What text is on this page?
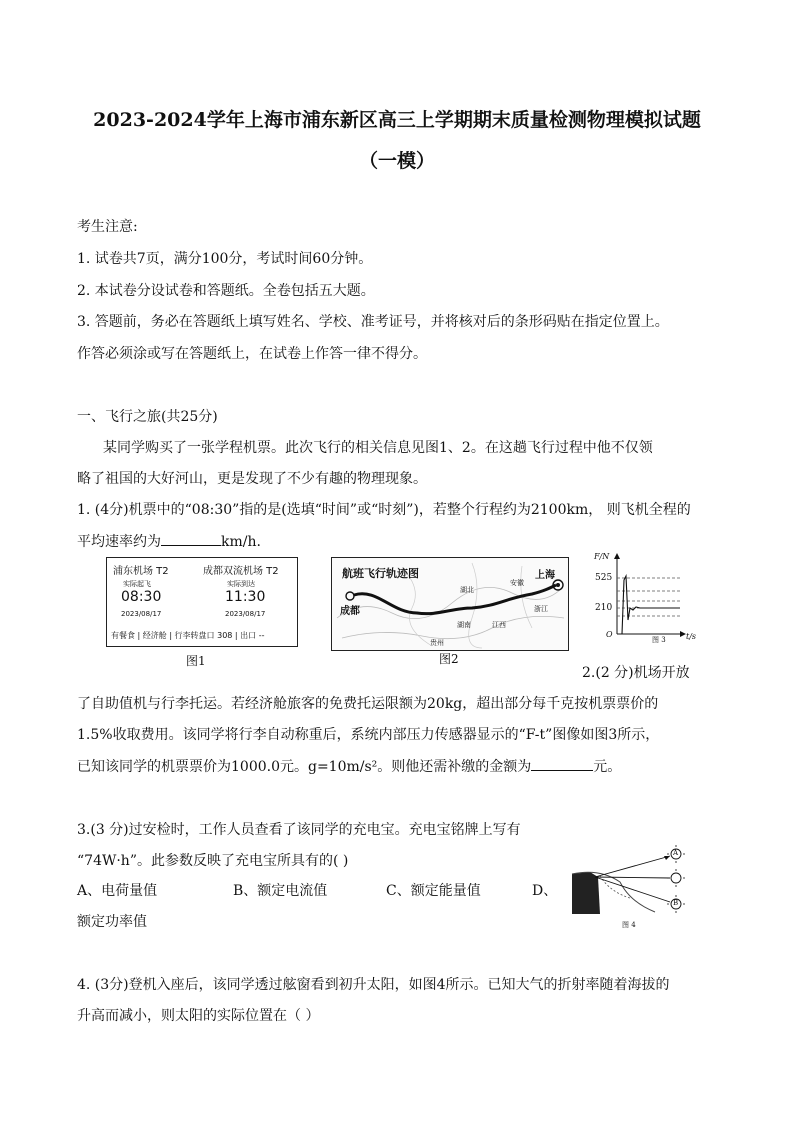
2023-2024学年上海市浦东新区高三上学期期末质量检测物理模拟试题
（一模）
考生注意:
1. 试卷共7页，满分100分，考试时间60分钟。
2. 本试卷分设试卷和答题纸。全卷包括五大题。
3. 答题前，务必在答题纸上填写姓名、学校、准考证号，并将核对后的条形码贴在指定位置上。
作答必须涂或写在答题纸上，在试卷上作答一律不得分。
一、飞行之旅(共25分)
某同学购买了一张学程机票。此次飞行的相关信息见图1、2。在这趟飞行过程中他不仅领
略了祖国的大好河山，更是发现了不少有趣的物理现象。
1. (4分)机票中的“08:30”指的是(选填“时间”或“时刻”)，若整个行程约为2100km， 则飞机全程的
平均速率约为	km/h.
浦东机场 T2	成都双流机场 T2
实际起飞	实际到达
08:30	11:30
2023/08/17	2023/08/17
有餐食 | 经济舱 | 行李转盘口 308 | 出口 --
图1
航班飞行轨迹图
成都
上海
湖北
安徽
浙江
湖南	江西
贵州
图2
F/N
525
210
O	t/s
图 3
2.(2 分)机场开放
了自助值机与行李托运。若经济舱旅客的免费托运限额为20kg，超出部分每千克按机票票价的
1.5%收取费用。该同学将行李自动称重后，系统内部压力传感器显示的“F-t”图像如图3所示，
已知该同学的机票票价为1000.0元。g=10m/s²。则他还需补缴的金额为	元。
3.(3 分)过安检时，工作人员查看了该同学的充电宝。充电宝铭牌上写有
“74W·h”。此参数反映了充电宝所具有的( )
A、电荷量值	B、额定电流值	C、额定能量值	D、
额定功率值
A
B
图 4
4. (3分)登机入座后，该同学透过舷窗看到初升太阳，如图4所示。已知大气的折射率随着海拔的
升高而减小，则太阳的实际位置在（ ）
